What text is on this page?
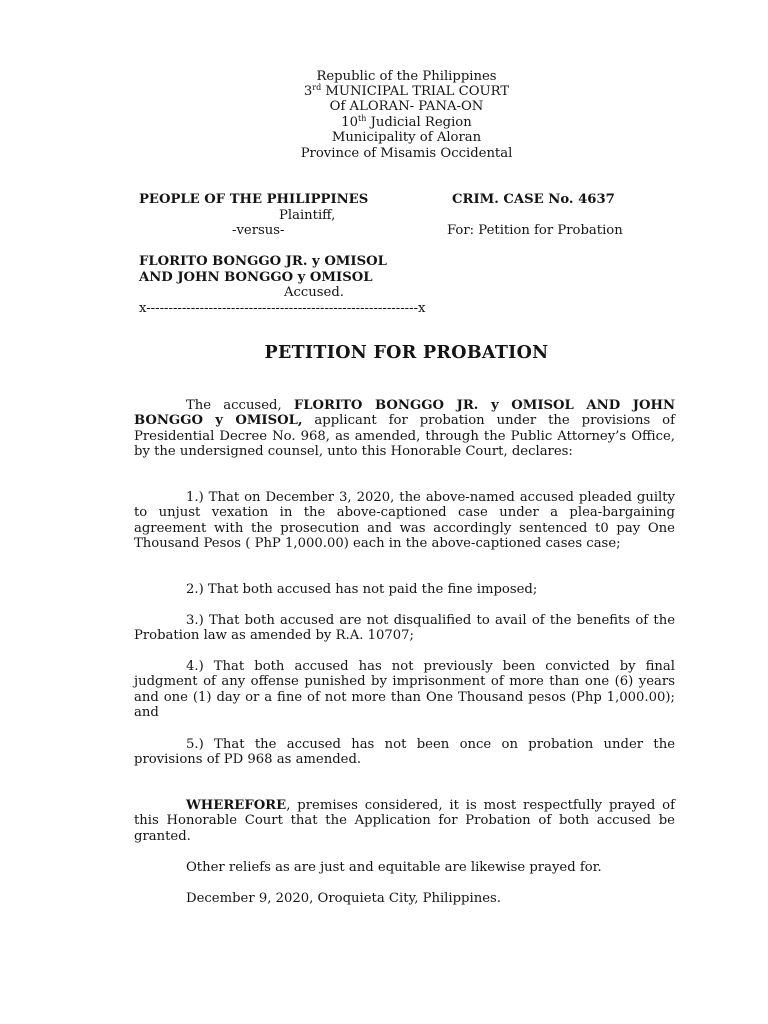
Republic of the Philippines
3rd MUNICIPAL TRIAL COURT
Of ALORAN- PANA-ON
10th Judicial Region
Municipality of Aloran
Province of Misamis Occidental
PEOPLE OF THE PHILIPPINES
Plaintiff,
-versus-
CRIM. CASE No. 4637
For: Petition for Probation
FLORITO BONGGO JR. y OMISOL
AND JOHN BONGGO y OMISOL
Accused.
x-------------------------------------------------------------x
PETITION FOR PROBATION

The accused, FLORITO BONGGO JR. y OMISOL AND JOHN BONGGO y OMISOL, applicant for probation under the provisions of Presidential Decree No. 968, as amended, through the Public Attorney’s Office, by the undersigned counsel, unto this Honorable Court, declares:

1.) That on December 3, 2020, the above-named accused pleaded guilty to unjust vexation in the above-captioned case under a plea-bargaining agreement with the prosecution and was accordingly sentenced t0 pay One Thousand Pesos ( PhP 1,000.00) each in the above-captioned cases case;

2.) That both accused has not paid the fine imposed;

3.) That both accused are not disqualified to avail of the benefits of the Probation law as amended by R.A. 10707;

4.) That both accused has not previously been convicted by final judgment of any offense punished by imprisonment of more than one (6) years and one (1) day or a fine of not more than One Thousand pesos (Php 1,000.00); and

5.) That the accused has not been once on probation under the provisions of PD 968 as amended.

WHEREFORE, premises considered, it is most respectfully prayed of this Honorable Court that the Application for Probation of both accused be granted.

Other reliefs as are just and equitable are likewise prayed for.
December 9, 2020, Oroquieta City, Philippines.
